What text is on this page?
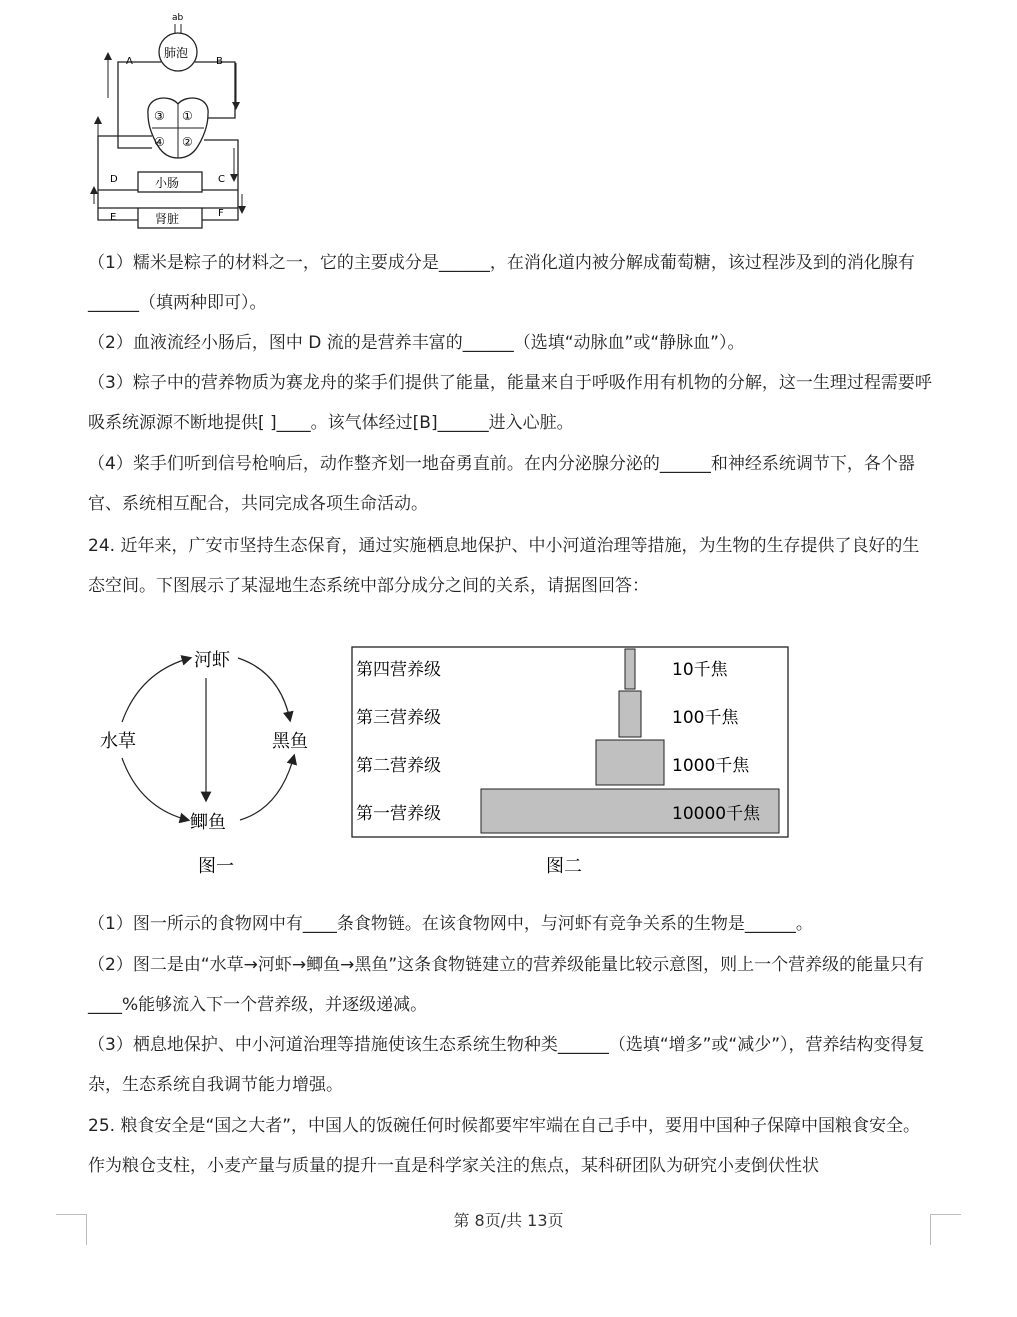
ab
肺泡
A	B
③ ①
④ ②
小肠
肾脏
D	C
E	F

（1）糯米是粽子的材料之一，它的主要成分是______，在消化道内被分解成葡萄糖，该过程涉及到的消化腺有______（填两种即可）。

（2）血液流经小肠后，图中 D 流的是营养丰富的______（选填“动脉血”或“静脉血”）。

（3）粽子中的营养物质为赛龙舟的桨手们提供了能量，能量来自于呼吸作用有机物的分解，这一生理过程需要呼吸系统源源不断地提供[ ]____。该气体经过[B]______进入心脏。

（4）桨手们听到信号枪响后，动作整齐划一地奋勇直前。在内分泌腺分泌的______和神经系统调节下，各个器官、系统相互配合，共同完成各项生命活动。

24. 近年来，广安市坚持生态保育，通过实施栖息地保护、中小河道治理等措施，为生物的生存提供了良好的生态空间。下图展示了某湿地生态系统中部分成分之间的关系，请据图回答：

河虾
水草	黑鱼
鲫鱼
图一
第四营养级	10千焦
第三营养级	100千焦
第二营养级	1000千焦
第一营养级	10000千焦
图二

（1）图一所示的食物网中有____条食物链。在该食物网中，与河虾有竞争关系的生物是______。

（2）图二是由“水草→河虾→鲫鱼→黑鱼”这条食物链建立的营养级能量比较示意图，则上一个营养级的能量只有____%能够流入下一个营养级，并逐级递减。

（3）栖息地保护、中小河道治理等措施使该生态系统生物种类______（选填“增多”或“减少”），营养结构变得复杂，生态系统自我调节能力增强。

25. 粮食安全是“国之大者”，中国人的饭碗任何时候都要牢牢端在自己手中，要用中国种子保障中国粮食安全。作为粮仓支柱，小麦产量与质量的提升一直是科学家关注的焦点，某科研团队为研究小麦倒伏性状

第 8页/共 13页
